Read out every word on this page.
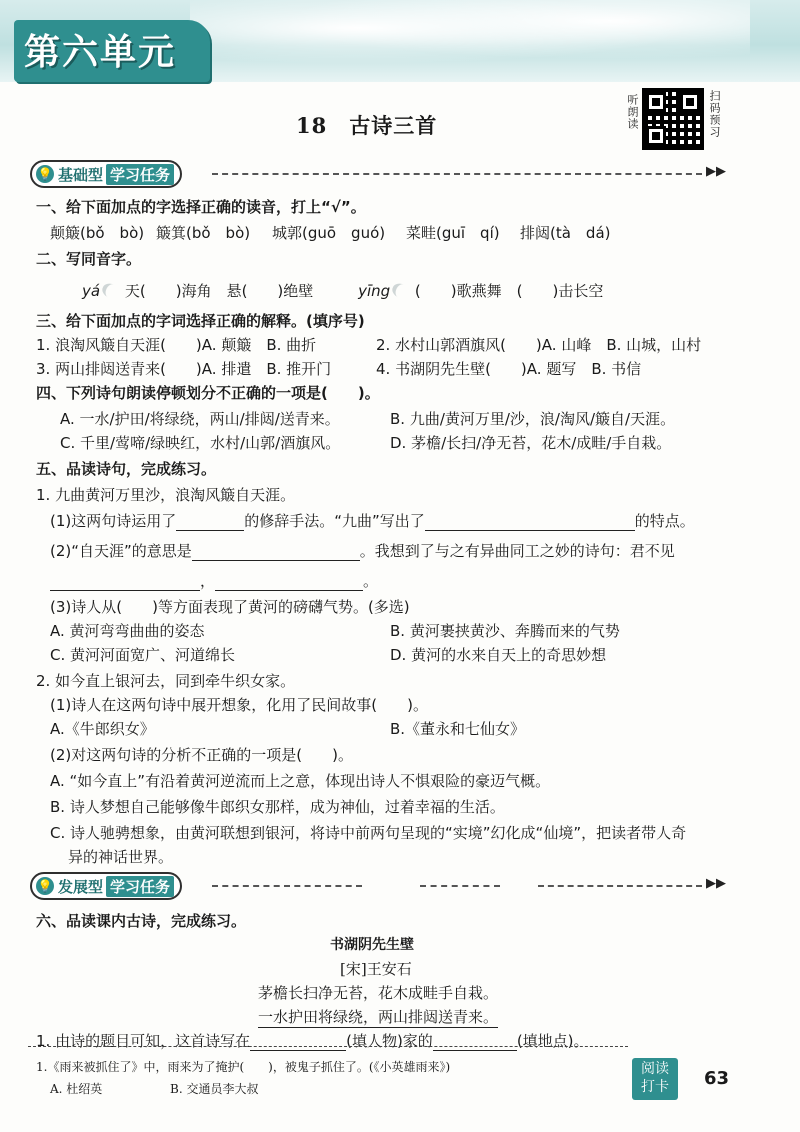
第六单元
18　古诗三首	听朗读	扫码预习
💡 基础型 学习任务	▶▶
一、给下面加点的字选择正确的读音，打上“√”。
颠簸(bǒ　bò) 簸箕(bǒ　bò) 城郭(guō　guó) 菜畦(guī　qí) 排闼(tà　dá)
二、写同音字。
yá 天(　　)海角　悬(　　)绝壁	yīng (　　)歌燕舞　(　　)击长空
三、给下面加点的字词选择正确的解释。(填序号)
1. 浪淘风簸自天涯(　　)A. 颠簸　B. 曲折	2. 水村山郭酒旗风(　　)A. 山峰　B. 山城，山村
3. 两山排闼送青来(　　)A. 排遣　B. 推开门	4. 书湖阴先生壁(　　)A. 题写　B. 书信
四、下列诗句朗读停顿划分不正确的一项是(　　)。
A. 一水/护田/将绿绕，两山/排闼/送青来。	B. 九曲/黄河万里/沙，浪/淘风/簸自/天涯。
C. 千里/莺啼/绿映红，水村/山郭/酒旗风。	D. 茅檐/长扫/净无苔，花木/成畦/手自栽。
五、品读诗句，完成练习。
1. 九曲黄河万里沙，浪淘风簸自天涯。
(1)这两句诗运用了	的修辞手法。“九曲”写出了	的特点。
(2)“自天涯”的意思是	。我想到了与之有异曲同工之妙的诗句：君不见
，	。
(3)诗人从(　　)等方面表现了黄河的磅礴气势。(多选)
A. 黄河弯弯曲曲的姿态	B. 黄河裹挟黄沙、奔腾而来的气势
C. 黄河河面宽广、河道绵长	D. 黄河的水来自天上的奇思妙想
2. 如今直上银河去，同到牵牛织女家。
(1)诗人在这两句诗中展开想象，化用了民间故事(　　)。
A.《牛郎织女》	B.《董永和七仙女》
(2)对这两句诗的分析不正确的一项是(　　)。
A. “如今直上”有沿着黄河逆流而上之意，体现出诗人不惧艰险的豪迈气概。
B. 诗人梦想自己能够像牛郎织女那样，成为神仙，过着幸福的生活。
C. 诗人驰骋想象，由黄河联想到银河，将诗中前两句呈现的“实境”幻化成“仙境”，把读者带人奇
异的神话世界。
💡 发展型 学习任务	▶▶
六、品读课内古诗，完成练习。
书湖阴先生壁
[宋]王安石
茅檐长扫净无苔，花木成畦手自栽。
一水护田将绿绕，两山排闼送青来。
1. 由诗的题目可知，这首诗写在	(填人物)家的	(填地点)。
1.《雨来被抓住了》中，雨来为了掩护(　　)，被鬼子抓住了。(《小英雄雨来》)
A. 杜绍英	B. 交通员李大叔
阅读
打卡	63
